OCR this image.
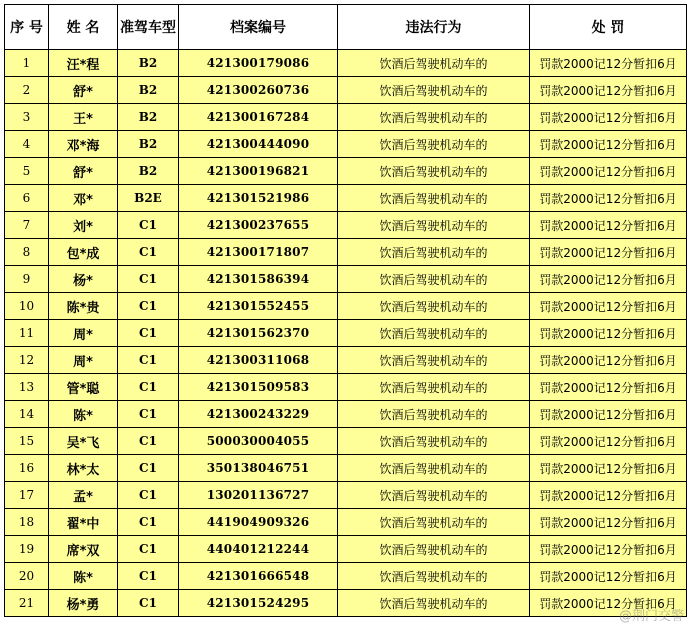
序 号	姓 名	准驾车型	档案编号	违法行为	处 罚
1	汪*程	B2	421300179086	饮酒后驾驶机动车的	罚款2000记12分暂扣6月
2	舒*	B2	421300260736	饮酒后驾驶机动车的	罚款2000记12分暂扣6月
3	王*	B2	421300167284	饮酒后驾驶机动车的	罚款2000记12分暂扣6月
4	邓*海	B2	421300444090	饮酒后驾驶机动车的	罚款2000记12分暂扣6月
5	舒*	B2	421300196821	饮酒后驾驶机动车的	罚款2000记12分暂扣6月
6	邓*	B2E	421301521986	饮酒后驾驶机动车的	罚款2000记12分暂扣6月
7	刘*	C1	421300237655	饮酒后驾驶机动车的	罚款2000记12分暂扣6月
8	包*成	C1	421300171807	饮酒后驾驶机动车的	罚款2000记12分暂扣6月
9	杨*	C1	421301586394	饮酒后驾驶机动车的	罚款2000记12分暂扣6月
10	陈*贵	C1	421301552455	饮酒后驾驶机动车的	罚款2000记12分暂扣6月
11	周*	C1	421301562370	饮酒后驾驶机动车的	罚款2000记12分暂扣6月
12	周*	C1	421300311068	饮酒后驾驶机动车的	罚款2000记12分暂扣6月
13	管*聪	C1	421301509583	饮酒后驾驶机动车的	罚款2000记12分暂扣6月
14	陈*	C1	421300243229	饮酒后驾驶机动车的	罚款2000记12分暂扣6月
15	吴*飞	C1	500030004055	饮酒后驾驶机动车的	罚款2000记12分暂扣6月
16	林*太	C1	350138046751	饮酒后驾驶机动车的	罚款2000记12分暂扣6月
17	孟*	C1	130201136727	饮酒后驾驶机动车的	罚款2000记12分暂扣6月
18	翟*中	C1	441904909326	饮酒后驾驶机动车的	罚款2000记12分暂扣6月
19	席*双	C1	440401212244	饮酒后驾驶机动车的	罚款2000记12分暂扣6月
20	陈*	C1	421301666548	饮酒后驾驶机动车的	罚款2000记12分暂扣6月
21	杨*勇	C1	421301524295	饮酒后驾驶机动车的	罚款2000记12分暂扣6月
@荆门交警
